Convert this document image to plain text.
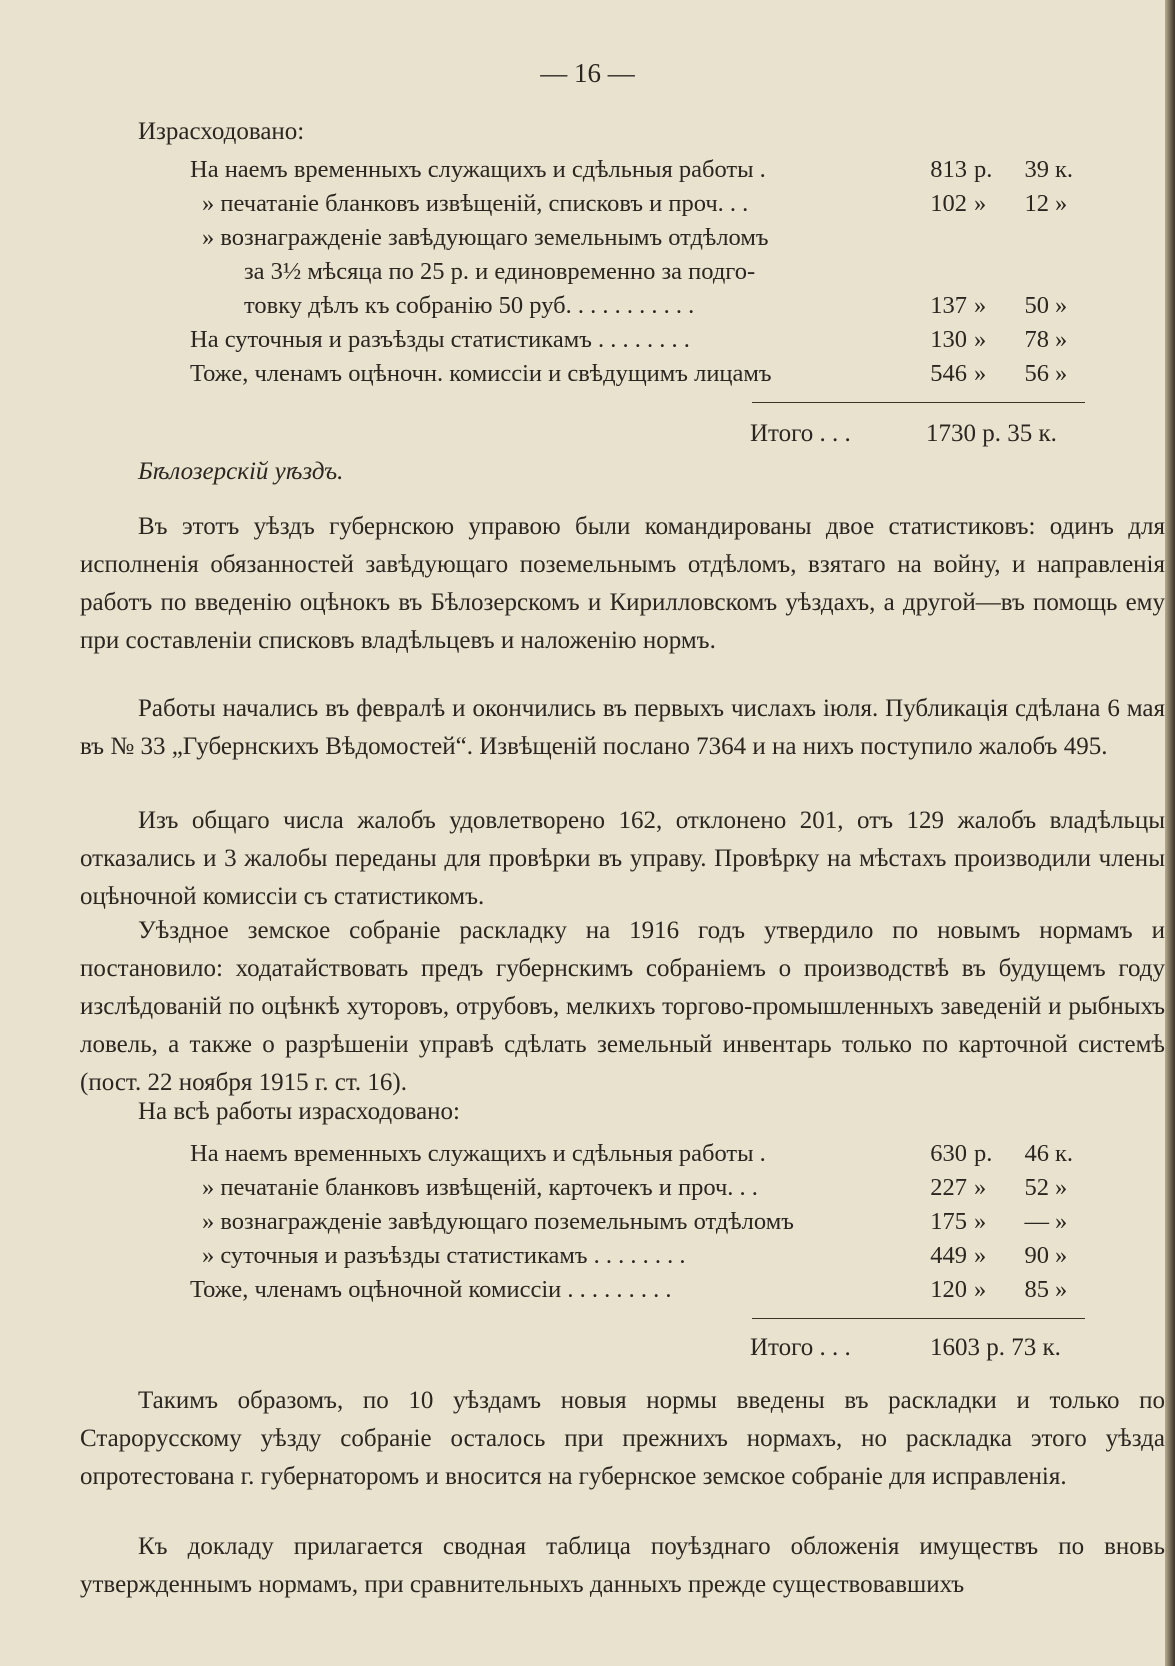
— 16 —
Израсходовано:
На наемъ временныхъ служащихъ и сдѣльныя работы .	813 р.	39 к.
» печатаніе бланковъ извѣщеній, списковъ и проч. . .	102 »	12 »
» вознагражденіе завѣдующаго земельнымъ отдѣломъ
за 3½ мѣсяца по 25 р. и единовременно за подго-
товку дѣлъ къ собранію 50 руб. . . . . . . . . . .	137 »	50 »
На суточныя и разъѣзды статистикамъ . . . . . . . .	130 »	78 »
Тоже, членамъ оцѣночн. комиссіи и свѣдущимъ лицамъ	546 »	56 »
Итого . . .	1730 р. 35 к.
Бѣлозерскій уѣздъ.
Въ этотъ уѣздъ губернскою управою были командированы двое статистиковъ: одинъ для исполненія обязанностей завѣдующаго поземельнымъ отдѣломъ, взятаго на войну, и направленія работъ по введенію оцѣнокъ въ Бѣлозерскомъ и Кирилловскомъ уѣздахъ, а другой—въ помощь ему при составленіи списковъ владѣльцевъ и наложенію нормъ.
Работы начались въ февралѣ и окончились въ первыхъ числахъ іюля. Публикація сдѣлана 6 мая въ № 33 „Губернскихъ Вѣдомостей“. Извѣщеній послано 7364 и на нихъ поступило жалобъ 495.
Изъ общаго числа жалобъ удовлетворено 162, отклонено 201, отъ 129 жалобъ владѣльцы отказались и 3 жалобы переданы для провѣрки въ управу. Провѣрку на мѣстахъ производили члены оцѣночной комиссіи съ статистикомъ.
Уѣздное земское собраніе раскладку на 1916 годъ утвердило по новымъ нормамъ и постановило: ходатайствовать предъ губернскимъ собраніемъ о производствѣ въ будущемъ году изслѣдованій по оцѣнкѣ хуторовъ, отрубовъ, мелкихъ торгово-промышленныхъ заведеній и рыбныхъ ловель, а также о разрѣшеніи управѣ сдѣлать земельный инвентарь только по карточной системѣ (пост. 22 ноября 1915 г. ст. 16).
На всѣ работы израсходовано:
На наемъ временныхъ служащихъ и сдѣльныя работы .	630 р.	46 к.
» печатаніе бланковъ извѣщеній, карточекъ и проч. . .	227 »	52 »
» вознагражденіе завѣдующаго поземельнымъ отдѣломъ	175 »	— »
» суточныя и разъѣзды статистикамъ . . . . . . . .	449 »	90 »
Тоже, членамъ оцѣночной комиссіи . . . . . . . . .	120 »	85 »
Итого . . .	1603 р. 73 к.
Такимъ образомъ, по 10 уѣздамъ новыя нормы введены въ раскладки и только по Старорусскому уѣзду собраніе осталось при прежнихъ нормахъ, но раскладка этого уѣзда опротестована г. губернаторомъ и вносится на губернское земское собраніе для исправленія.
Къ докладу прилагается сводная таблица поуѣзднаго обложенія имуществъ по вновь утвержденнымъ нормамъ, при сравнительныхъ данныхъ прежде существовавшихъ
